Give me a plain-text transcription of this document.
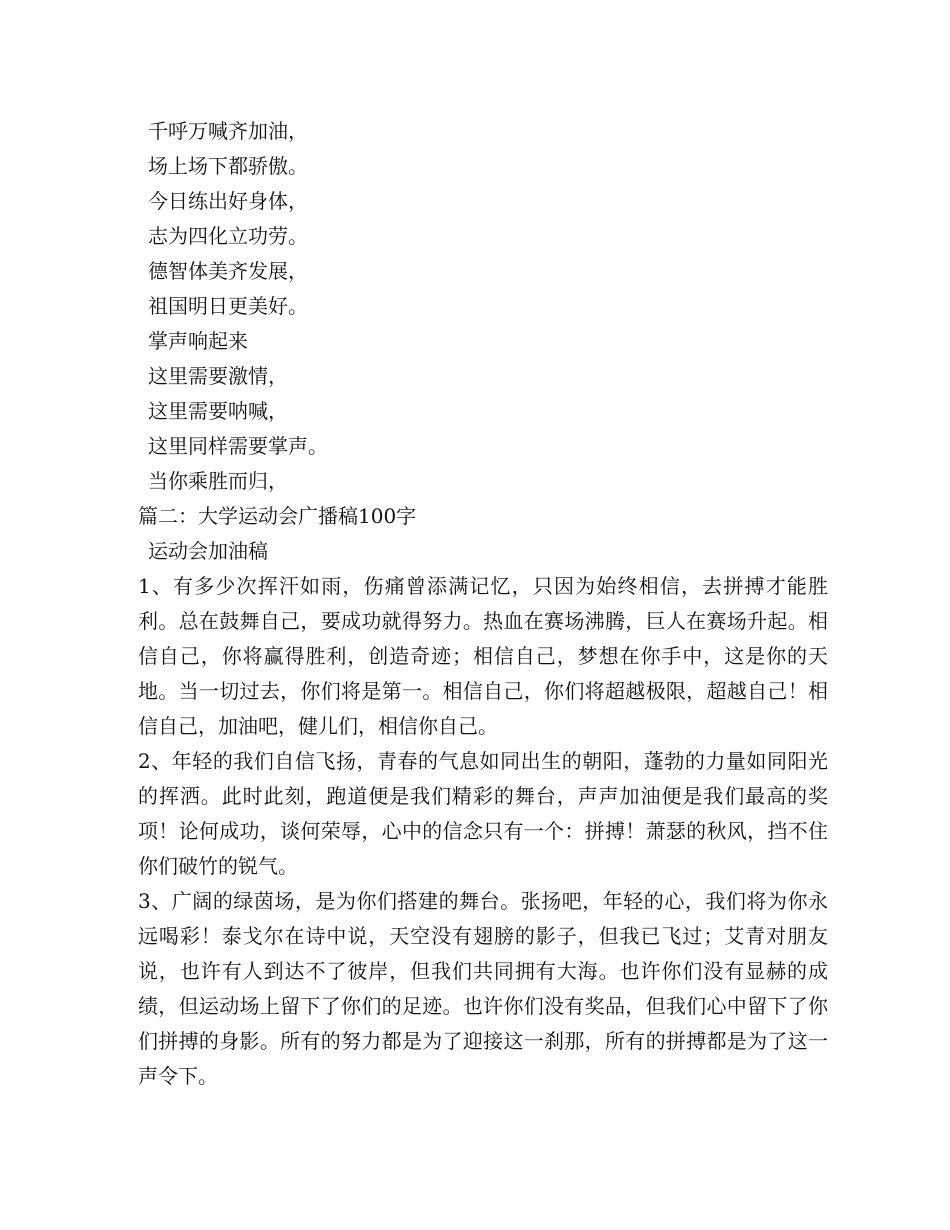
千呼万喊齐加油，
场上场下都骄傲。
今日练出好身体，
志为四化立功劳。
德智体美齐发展，
祖国明日更美好。
掌声响起来
这里需要激情，
这里需要呐喊，
这里同样需要掌声。
当你乘胜而归，
篇二：大学运动会广播稿100字
运动会加油稿

1、有多少次挥汗如雨，伤痛曾添满记忆，只因为始终相信，去拼搏才能胜利。总在鼓舞自己，要成功就得努力。热血在赛场沸腾，巨人在赛场升起。相信自己，你将赢得胜利，创造奇迹；相信自己，梦想在你手中，这是你的天地。当一切过去，你们将是第一。相信自己，你们将超越极限，超越自己！相信自己，加油吧，健儿们，相信你自己。

2、年轻的我们自信飞扬，青春的气息如同出生的朝阳，蓬勃的力量如同阳光的挥洒。此时此刻，跑道便是我们精彩的舞台，声声加油便是我们最高的奖项！论何成功，谈何荣辱，心中的信念只有一个：拼搏！萧瑟的秋风，挡不住你们破竹的锐气。

3、广阔的绿茵场，是为你们搭建的舞台。张扬吧，年轻的心，我们将为你永远喝彩！泰戈尔在诗中说，天空没有翅膀的影子，但我已飞过；艾青对朋友说，也许有人到达不了彼岸，但我们共同拥有大海。也许你们没有显赫的成绩，但运动场上留下了你们的足迹。也许你们没有奖品，但我们心中留下了你们拼搏的身影。所有的努力都是为了迎接这一刹那，所有的拼搏都是为了这一声令下。
